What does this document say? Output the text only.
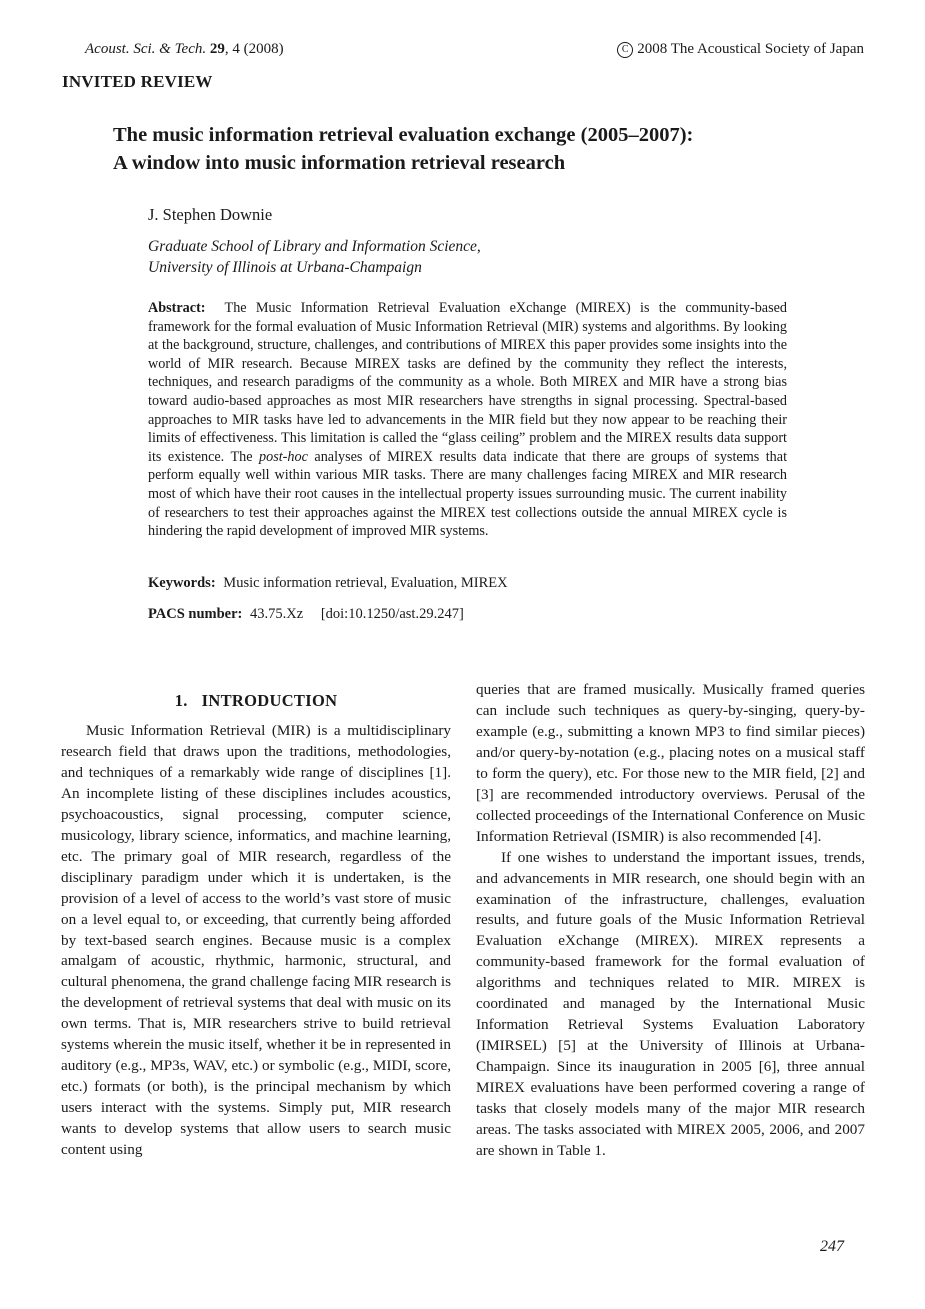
Acoust. Sci. & Tech. 29, 4 (2008)	C 2008 The Acoustical Society of Japan
INVITED REVIEW
The music information retrieval evaluation exchange (2005–2007):
A window into music information retrieval research
J. Stephen Downie
Graduate School of Library and Information Science,
University of Illinois at Urbana-Champaign

Abstract: The Music Information Retrieval Evaluation eXchange (MIREX) is the community-based framework for the formal evaluation of Music Information Retrieval (MIR) systems and algorithms. By looking at the background, structure, challenges, and contributions of MIREX this paper provides some insights into the world of MIR research. Because MIREX tasks are defined by the community they reflect the interests, techniques, and research paradigms of the community as a whole. Both MIREX and MIR have a strong bias toward audio-based approaches as most MIR researchers have strengths in signal processing. Spectral-based approaches to MIR tasks have led to advancements in the MIR field but they now appear to be reaching their limits of effectiveness. This limitation is called the “glass ceiling” problem and the MIREX results data support its existence. The post-hoc analyses of MIREX results data indicate that there are groups of systems that perform equally well within various MIR tasks. There are many challenges facing MIREX and MIR research most of which have their root causes in the intellectual property issues surrounding music. The current inability of researchers to test their approaches against the MIREX test collections outside the annual MIREX cycle is hindering the rapid development of improved MIR systems.

Keywords: Music information retrieval, Evaluation, MIREX
PACS number: 43.75.Xz [doi:10.1250/ast.29.247]
1. INTRODUCTION

Music Information Retrieval (MIR) is a multidisciplinary research field that draws upon the traditions, methodologies, and techniques of a remarkably wide range of disciplines [1]. An incomplete listing of these disciplines includes acoustics, psychoacoustics, signal processing, computer science, musicology, library science, informatics, and machine learning, etc. The primary goal of MIR research, regardless of the disciplinary paradigm under which it is undertaken, is the provision of a level of access to the world’s vast store of music on a level equal to, or exceeding, that currently being afforded by text-based search engines. Because music is a complex amalgam of acoustic, rhythmic, harmonic, structural, and cultural phenomena, the grand challenge facing MIR research is the development of retrieval systems that deal with music on its own terms. That is, MIR researchers strive to build retrieval systems wherein the music itself, whether it be in represented in auditory (e.g., MP3s, WAV, etc.) or symbolic (e.g., MIDI, score, etc.) formats (or both), is the principal mechanism by which users interact with the systems. Simply put, MIR research wants to develop systems that allow users to search music content using

queries that are framed musically. Musically framed queries can include such techniques as query-by-singing, query-by-example (e.g., submitting a known MP3 to find similar pieces) and/or query-by-notation (e.g., placing notes on a musical staff to form the query), etc. For those new to the MIR field, [2] and [3] are recommended introductory overviews. Perusal of the collected proceedings of the International Conference on Music Information Retrieval (ISMIR) is also recommended [4].

If one wishes to understand the important issues, trends, and advancements in MIR research, one should begin with an examination of the infrastructure, challenges, evaluation results, and future goals of the Music Information Retrieval Evaluation eXchange (MIREX). MIREX represents a community-based framework for the formal evaluation of algorithms and techniques related to MIR. MIREX is coordinated and managed by the International Music Information Retrieval Systems Evaluation Laboratory (IMIRSEL) [5] at the University of Illinois at Urbana-Champaign. Since its inauguration in 2005 [6], three annual MIREX evaluations have been performed covering a range of tasks that closely models many of the major MIR research areas. The tasks associated with MIREX 2005, 2006, and 2007 are shown in Table 1.

247
